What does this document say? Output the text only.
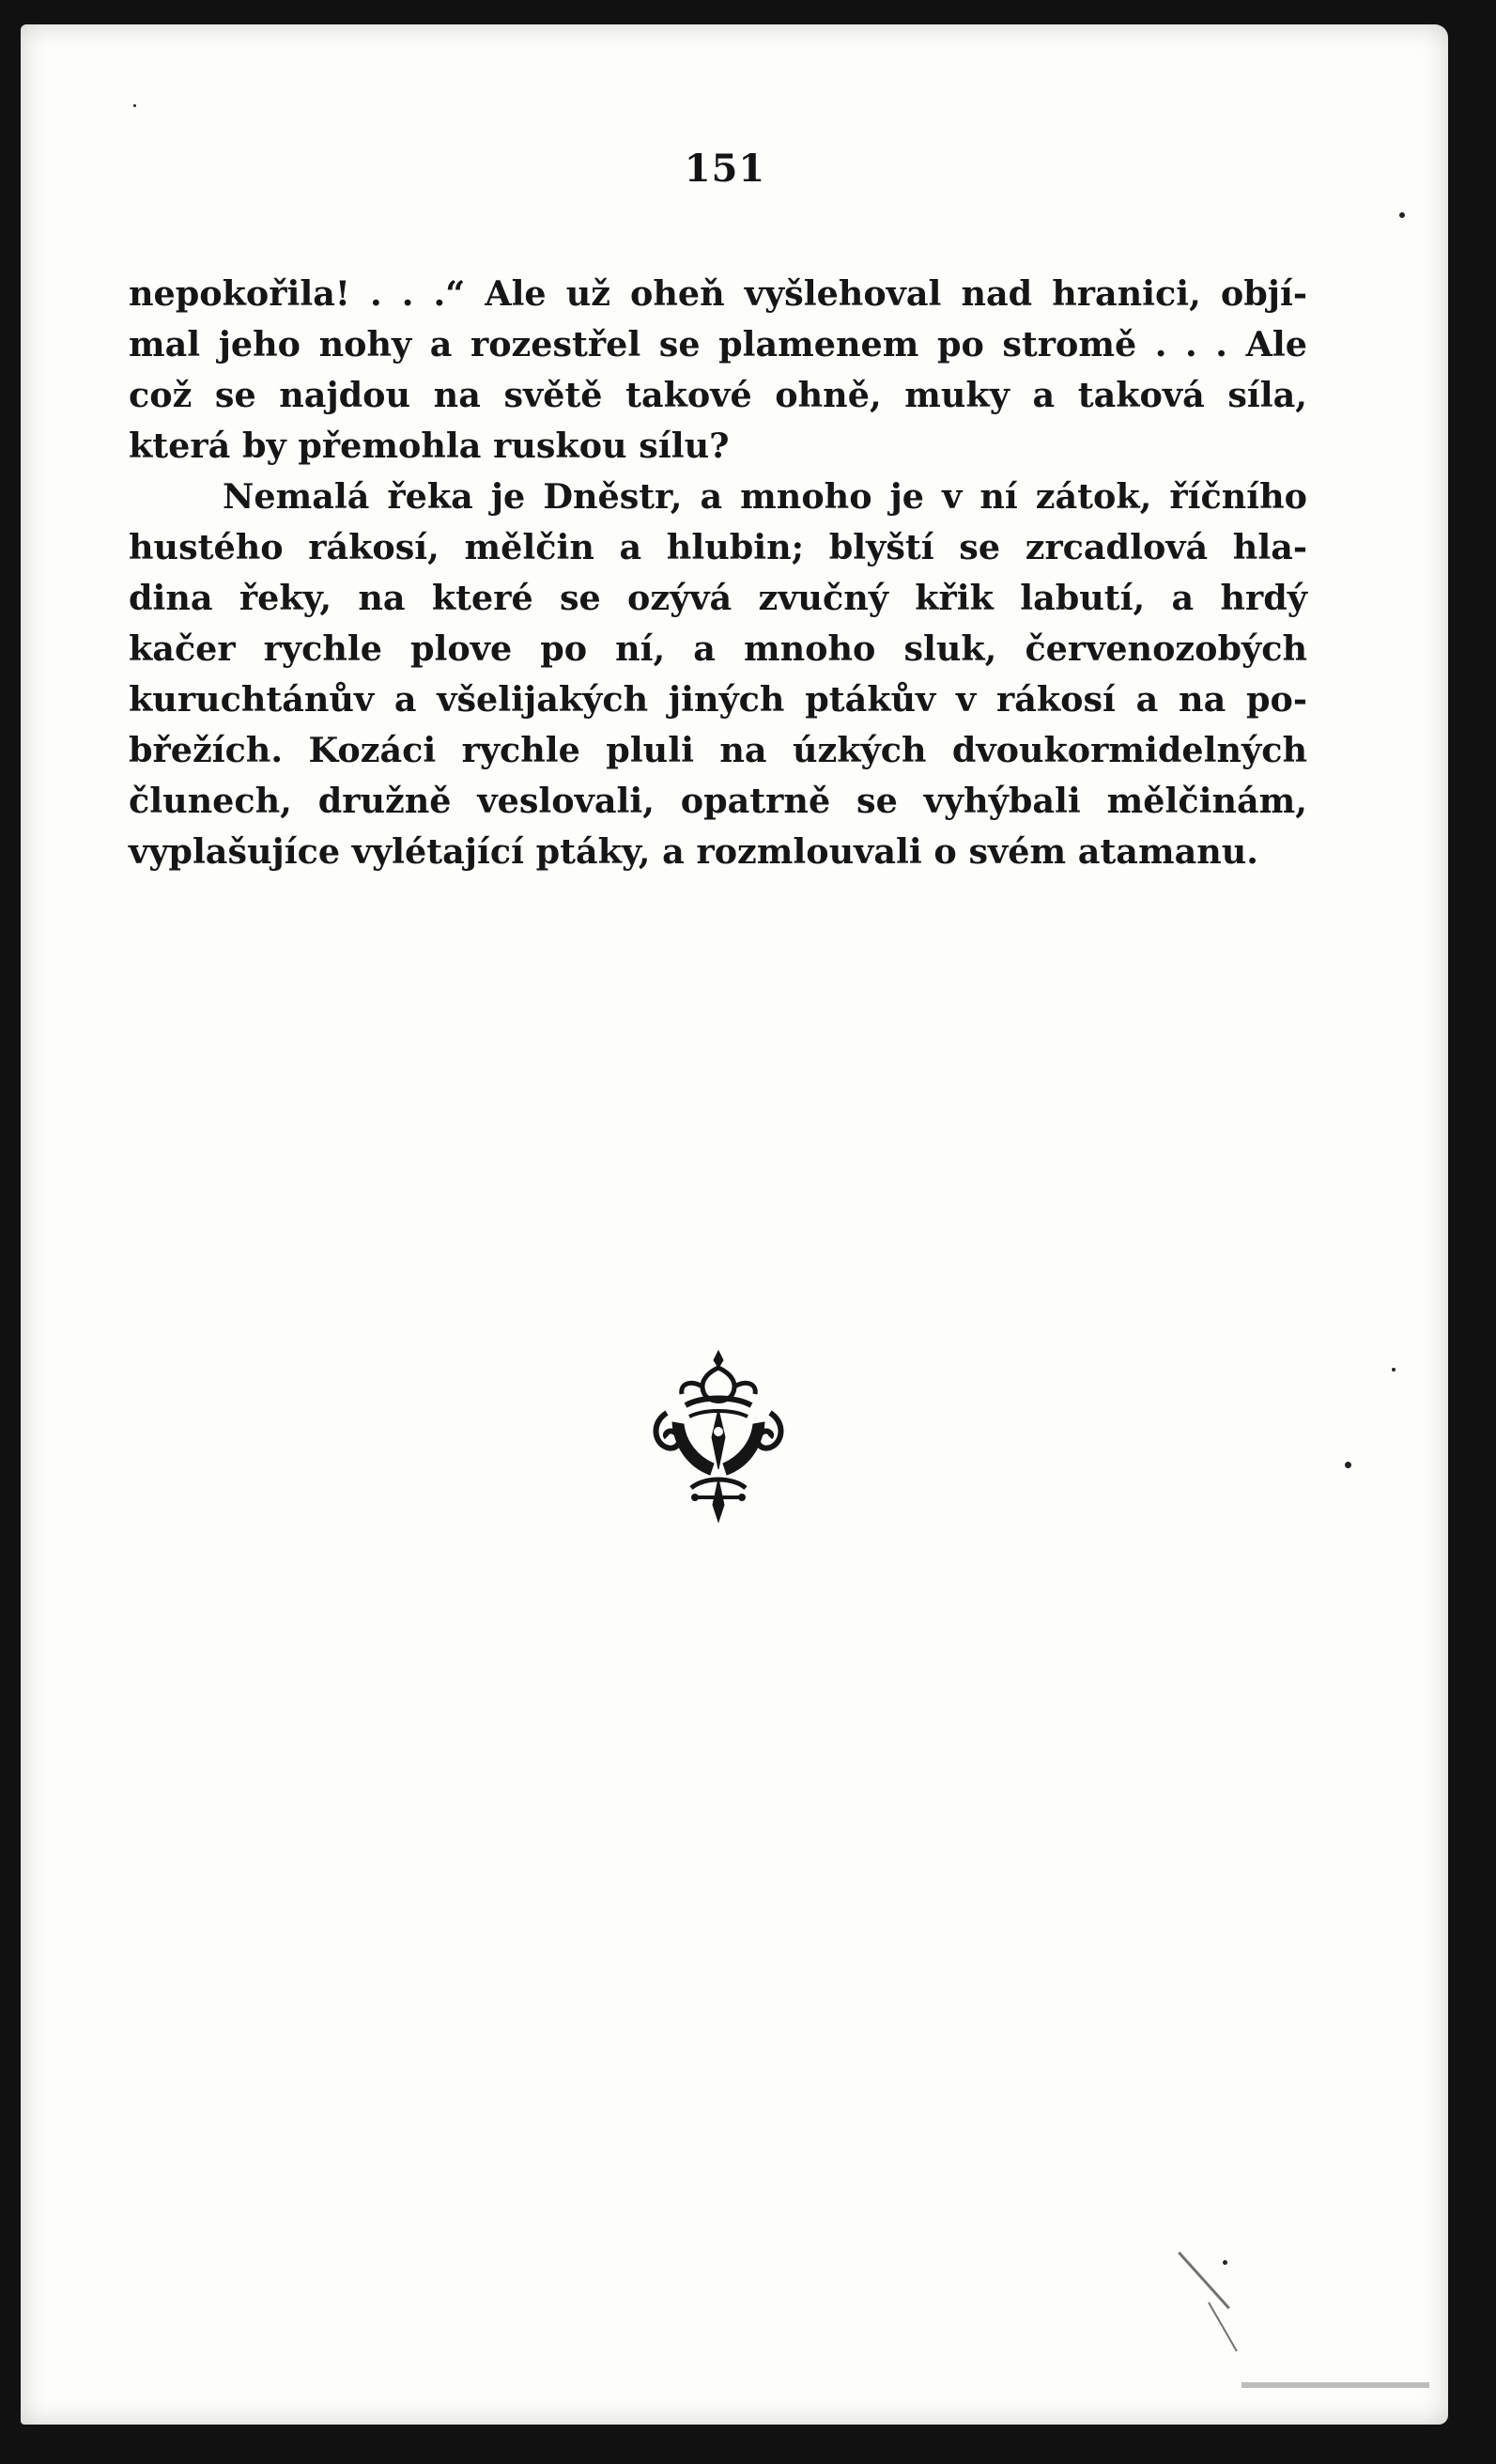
151
nepokořila! . . .“ Ale už oheň vyšlehoval nad hranici, objí-
mal jeho nohy a rozestřel se plamenem po stromě . . . Ale
což se najdou na světě takové ohně, muky a taková síla,
která by přemohla ruskou sílu?
Nemalá řeka je Dněstr, a mnoho je v ní zátok, říčního
hustého rákosí, mělčin a hlubin; blyští se zrcadlová hla-
dina řeky, na které se ozývá zvučný křik labutí, a hrdý
kačer rychle plove po ní, a mnoho sluk, červenozobých
kuruchtánův a všelijakých jiných ptákův v rákosí a na po-
břežích. Kozáci rychle pluli na úzkých dvoukormidelných
člunech, družně veslovali, opatrně se vyhýbali mělčinám,
vyplašujíce vylétající ptáky, a rozmlouvali o svém atamanu.
